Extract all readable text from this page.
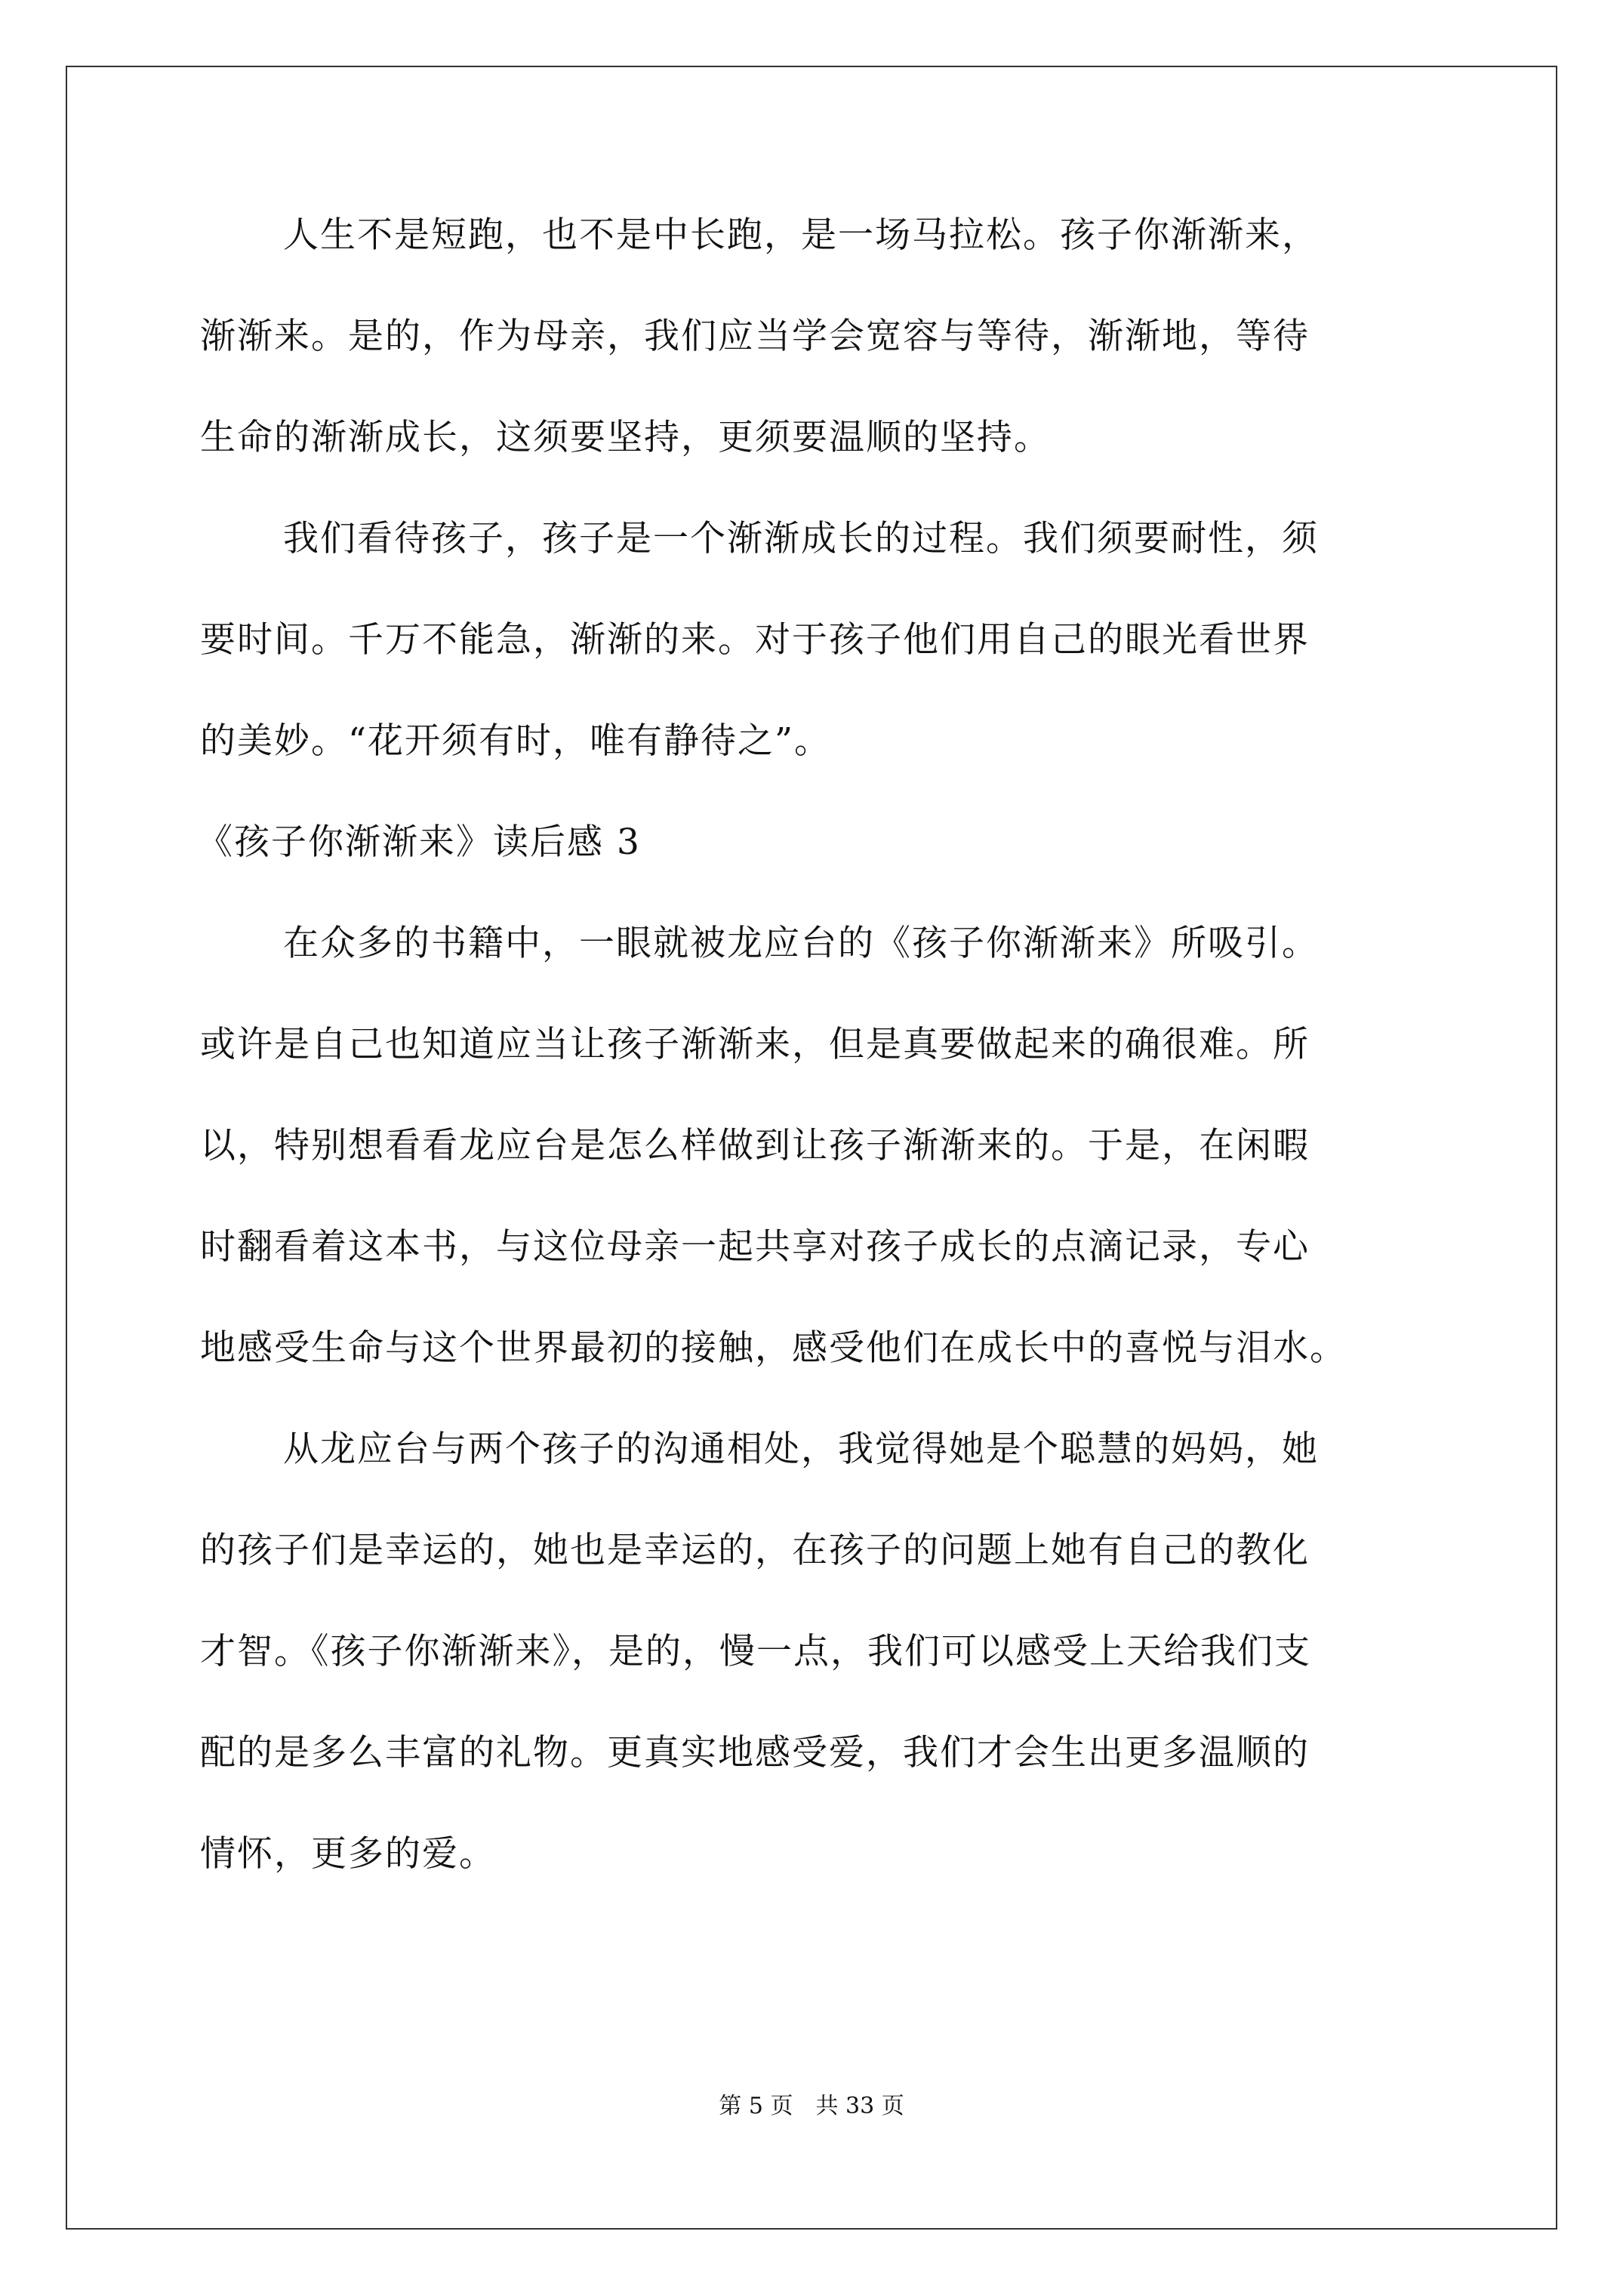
人生不是短跑，也不是中长跑，是一场马拉松。孩子你渐渐来，
渐渐来。是的，作为母亲，我们应当学会宽容与等待，渐渐地，等待
生命的渐渐成长，这须要坚持，更须要温顺的坚持。
我们看待孩子，孩子是一个渐渐成长的过程。我们须要耐性，须
要时间。千万不能急，渐渐的来。对于孩子他们用自己的眼光看世界
的美妙。“花开须有时，唯有静待之”。
《孩子你渐渐来》读后感 3
在众多的书籍中，一眼就被龙应台的《孩子你渐渐来》所吸引。
或许是自己也知道应当让孩子渐渐来，但是真要做起来的确很难。所
以，特别想看看龙应台是怎么样做到让孩子渐渐来的。于是，在闲暇
时翻看着这本书，与这位母亲一起共享对孩子成长的点滴记录，专心
地感受生命与这个世界最初的接触，感受他们在成长中的喜悦与泪水。
从龙应台与两个孩子的沟通相处，我觉得她是个聪慧的妈妈，她
的孩子们是幸运的，她也是幸运的，在孩子的问题上她有自己的教化
才智。《孩子你渐渐来》，是的，慢一点，我们可以感受上天给我们支
配的是多么丰富的礼物。更真实地感受爱，我们才会生出更多温顺的
情怀，更多的爱。
第 5 页　共 33 页
